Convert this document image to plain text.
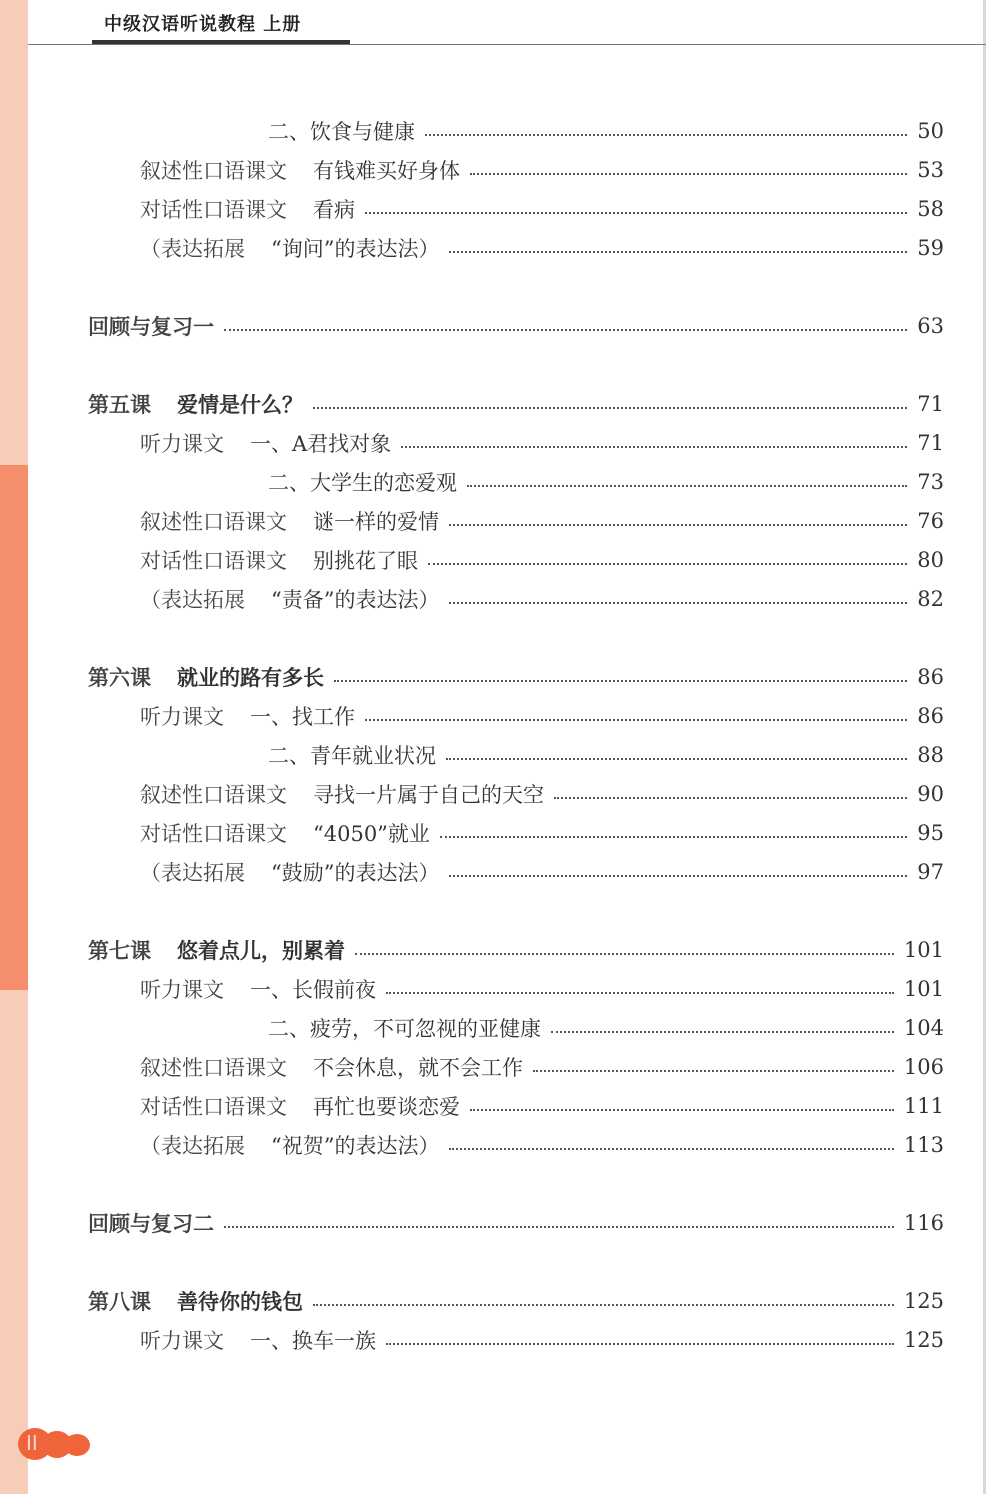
中级汉语听说教程 上册
二、饮食与健康	50
叙述性口语课文 有钱难买好身体	53
对话性口语课文 看病	58
（表达拓展 “询问”的表达法）	59
回顾与复习一	63
第五课 爱情是什么？	71
听力课文 一、A君找对象	71
二、大学生的恋爱观	73
叙述性口语课文 谜一样的爱情	76
对话性口语课文 别挑花了眼	80
（表达拓展 “责备”的表达法）	82
第六课 就业的路有多长	86
听力课文 一、找工作	86
二、青年就业状况	88
叙述性口语课文 寻找一片属于自己的天空	90
对话性口语课文 “4050”就业	95
（表达拓展 “鼓励”的表达法）	97
第七课 悠着点儿，别累着	101
听力课文 一、长假前夜	101
二、疲劳，不可忽视的亚健康	104
叙述性口语课文 不会休息，就不会工作	106
对话性口语课文 再忙也要谈恋爱	111
（表达拓展 “祝贺”的表达法）	113
回顾与复习二	116
第八课 善待你的钱包	125
听力课文 一、换车一族	125
II
